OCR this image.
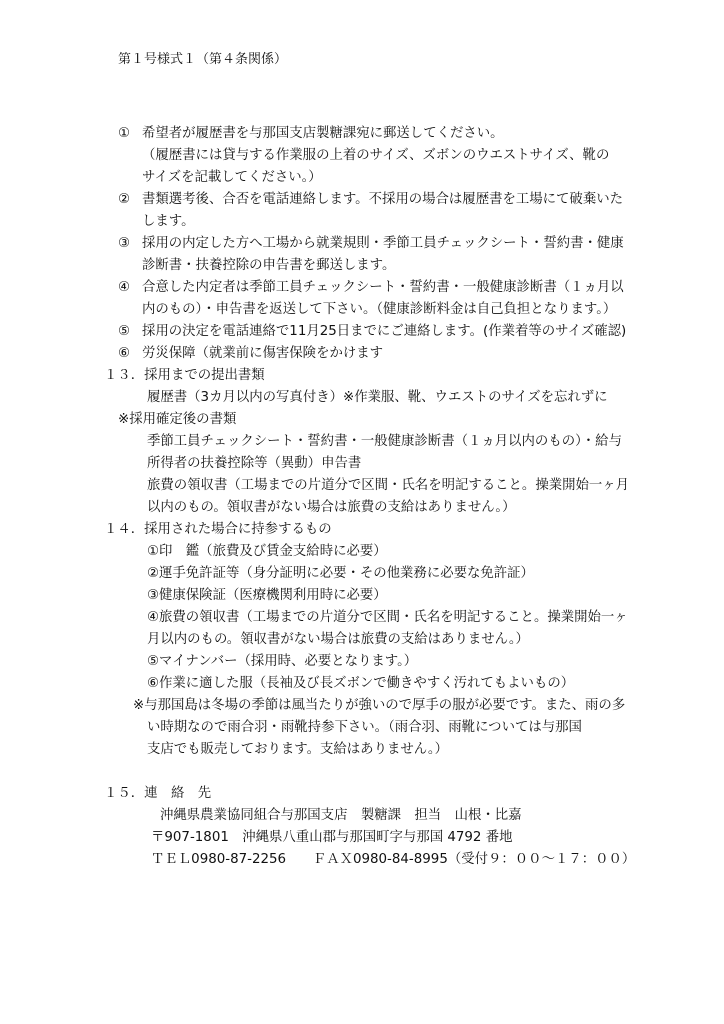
第１号様式１（第４条関係）
① 希望者が履歴書を与那国支店製糖課宛に郵送してください。
（履歴書には貸与する作業服の上着のサイズ、ズボンのウエストサイズ、靴の
サイズを記載してください。）
② 書類選考後、合否を電話連絡します。不採用の場合は履歴書を工場にて破棄いた
します。
③ 採用の内定した方へ工場から就業規則・季節工員チェックシート・誓約書・健康
診断書・扶養控除の申告書を郵送します。
④ 合意した内定者は季節工員チェックシート・誓約書・一般健康診断書（１ヵ月以
内のもの）・申告書を返送して下さい。（健康診断料金は自己負担となります。）
⑤ 採用の決定を電話連絡で11月25日までにご連絡します。(作業着等のサイズ確認)
⑥ 労災保障（就業前に傷害保険をかけます
１３．採用までの提出書類
履歴書（3カ月以内の写真付き）※作業服、靴、ウエストのサイズを忘れずに
※採用確定後の書類
季節工員チェックシート・誓約書・一般健康診断書（１ヵ月以内のもの）・給与
所得者の扶養控除等（異動）申告書
旅費の領収書（工場までの片道分で区間・氏名を明記すること。操業開始一ヶ月
以内のもの。領収書がない場合は旅費の支給はありません。）
１４．採用された場合に持参するもの
①印　鑑（旅費及び賃金支給時に必要）
②運手免許証等（身分証明に必要・その他業務に必要な免許証）
③健康保険証（医療機関利用時に必要）
④旅費の領収書（工場までの片道分で区間・氏名を明記すること。操業開始一ヶ
月以内のもの。領収書がない場合は旅費の支給はありません。）
⑤マイナンバー（採用時、必要となります。）
⑥作業に適した服（長袖及び長ズボンで働きやすく汚れてもよいもの）
※与那国島は冬場の季節は風当たりが強いので厚手の服が必要です。また、雨の多
い時期なので雨合羽・雨靴持参下さい。（雨合羽、雨靴については与那国
支店でも販売しております。支給はありません。）
１５．連　絡　先
沖縄県農業協同組合与那国支店　製糖課　担当　山根・比嘉
〒907-1801　沖縄県八重山郡与那国町字与那国 4792 番地
ＴＥＬ0980-87-2256　　ＦＡＸ0980-84-8995（受付９：００～１７：００）
